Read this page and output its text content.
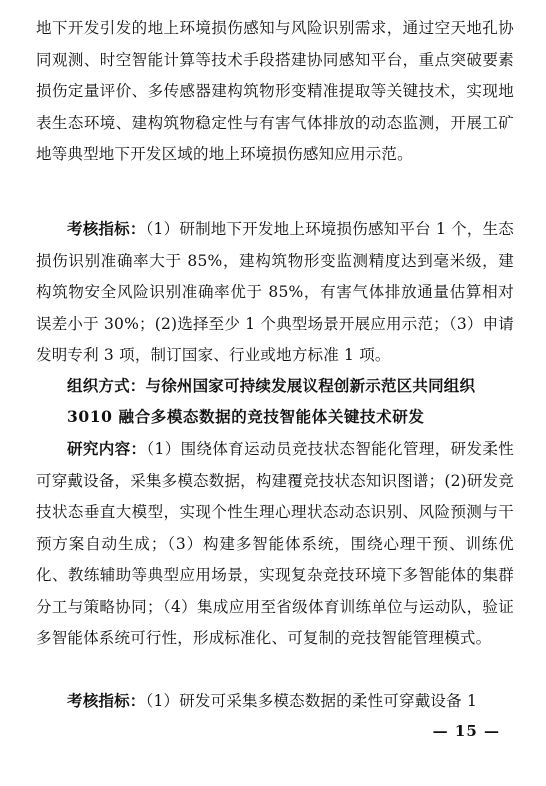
地下开发引发的地上环境损伤感知与风险识别需求，通过空天地孔协同观测、时空智能计算等技术手段搭建协同感知平台，重点突破要素损伤定量评价、多传感器建构筑物形变精准提取等关键技术，实现地表生态环境、建构筑物稳定性与有害气体排放的动态监测，开展工矿地等典型地下开发区域的地上环境损伤感知应用示范。

考核指标：（1）研制地下开发地上环境损伤感知平台 1 个，生态损伤识别准确率大于 85%，建构筑物形变监测精度达到毫米级，建构筑物安全风险识别准确率优于 85%，有害气体排放通量估算相对误差小于 30%；(2)选择至少 1 个典型场景开展应用示范；（3）申请发明专利 3 项，制订国家、行业或地方标准 1 项。

组织方式：与徐州国家可持续发展议程创新示范区共同组织

3010 融合多模态数据的竞技智能体关键技术研发

研究内容：（1）围绕体育运动员竞技状态智能化管理，研发柔性可穿戴设备，采集多模态数据，构建覆竞技状态知识图谱；(2)研发竞技状态垂直大模型，实现个性生理心理状态动态识别、风险预测与干预方案自动生成；（3）构建多智能体系统，围绕心理干预、训练优化、教练辅助等典型应用场景，实现复杂竞技环境下多智能体的集群分工与策略协同；（4）集成应用至省级体育训练单位与运动队，验证多智能体系统可行性，形成标准化、可复制的竞技智能管理模式。

考核指标：（1）研发可采集多模态数据的柔性可穿戴设备 1

— 15 —
